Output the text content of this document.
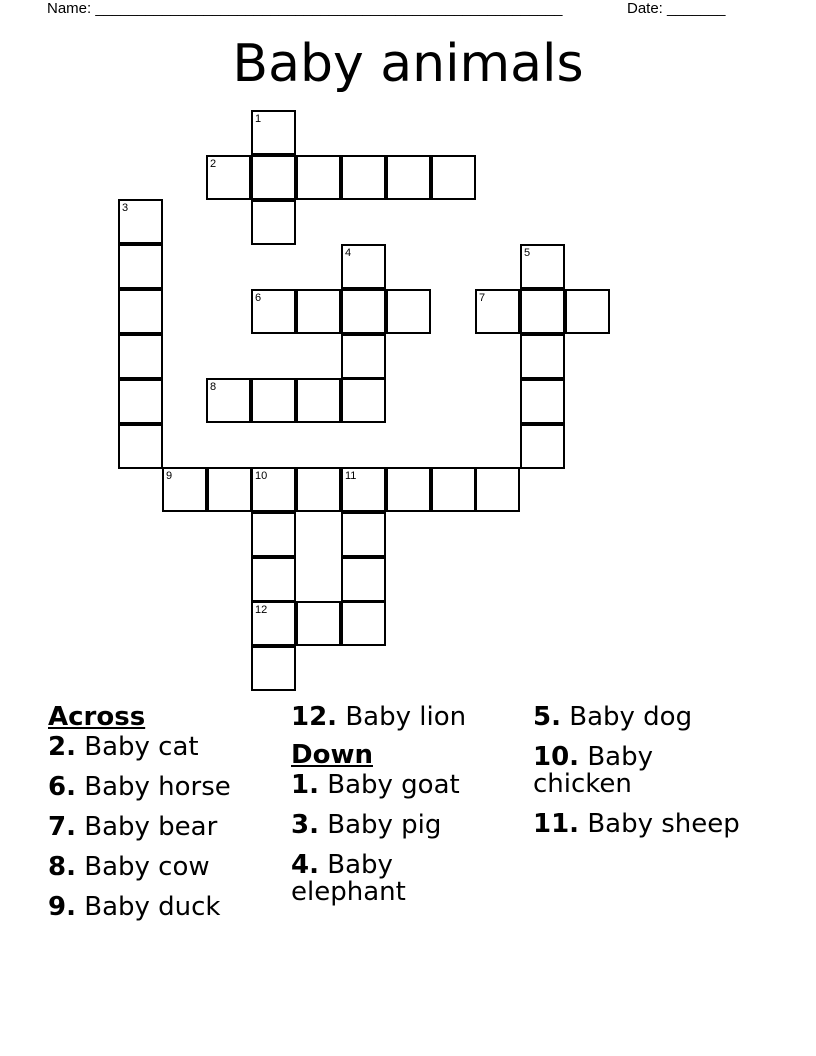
Name: ________________________________________________________	Date: _______
Baby animals
1
2
3
4	5
6	7
8
9	10	11
12
Across
2. Baby cat
6. Baby horse
7. Baby bear
8. Baby cow
9. Baby duck
12. Baby lion
Down
1. Baby goat
3. Baby pig
4. Baby elephant
5. Baby dog
10. Baby chicken
11. Baby sheep
